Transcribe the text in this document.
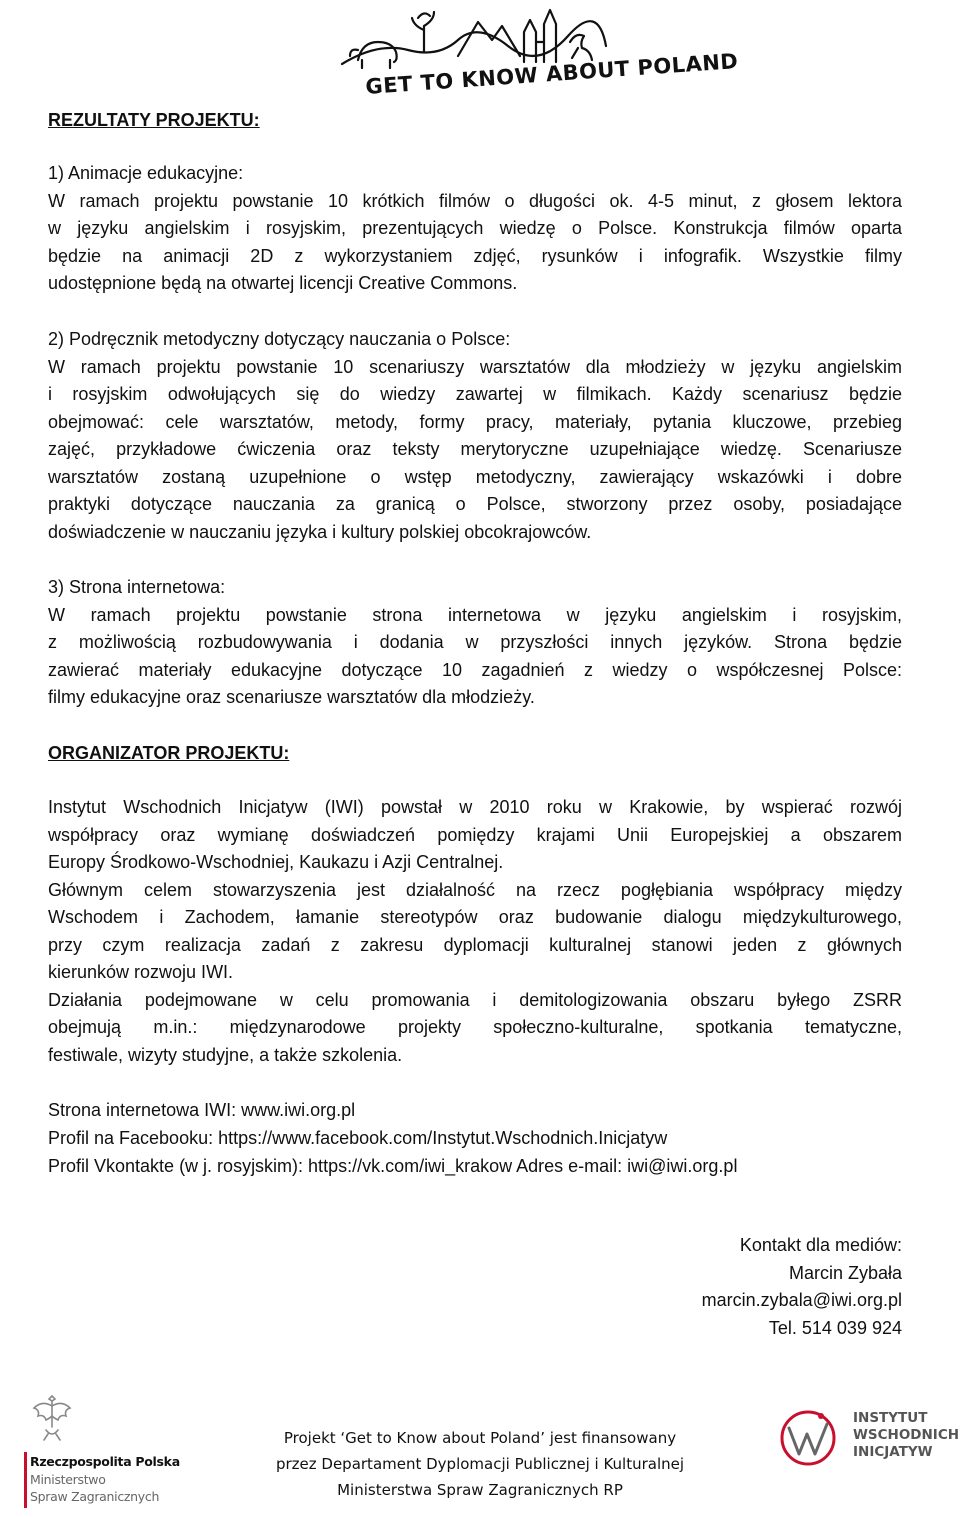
GET TO KNOW ABOUT POLAND
REZULTATY PROJEKTU:
1) Animacje edukacyjne:
W ramach projektu powstanie 10 krótkich filmów o długości ok. 4-5 minut, z głosem lektora
w języku angielskim i rosyjskim, prezentujących wiedzę o Polsce. Konstrukcja filmów oparta
będzie na animacji 2D z wykorzystaniem zdjęć, rysunków i infografik. Wszystkie filmy
udostępnione będą na otwartej licencji Creative Commons.
2) Podręcznik metodyczny dotyczący nauczania o Polsce:
W ramach projektu powstanie 10 scenariuszy warsztatów dla młodzieży w języku angielskim
i rosyjskim odwołujących się do wiedzy zawartej w filmikach. Każdy scenariusz będzie
obejmować: cele warsztatów, metody, formy pracy, materiały, pytania kluczowe, przebieg
zajęć, przykładowe ćwiczenia oraz teksty merytoryczne uzupełniające wiedzę. Scenariusze
warsztatów zostaną uzupełnione o wstęp metodyczny, zawierający wskazówki i dobre
praktyki dotyczące nauczania za granicą o Polsce, stworzony przez osoby, posiadające
doświadczenie w nauczaniu języka i kultury polskiej obcokrajowców.
3) Strona internetowa:
W ramach projektu powstanie strona internetowa w języku angielskim i rosyjskim,
z możliwością rozbudowywania i dodania w przyszłości innych języków. Strona będzie
zawierać materiały edukacyjne dotyczące 10 zagadnień z wiedzy o współczesnej Polsce:
filmy edukacyjne oraz scenariusze warsztatów dla młodzieży.
ORGANIZATOR PROJEKTU:
Instytut Wschodnich Inicjatyw (IWI) powstał w 2010 roku w Krakowie, by wspierać rozwój
współpracy oraz wymianę doświadczeń pomiędzy krajami Unii Europejskiej a obszarem
Europy Środkowo-Wschodniej, Kaukazu i Azji Centralnej.
Głównym celem stowarzyszenia jest działalność na rzecz pogłębiania współpracy między
Wschodem i Zachodem, łamanie stereotypów oraz budowanie dialogu międzykulturowego,
przy czym realizacja zadań z zakresu dyplomacji kulturalnej stanowi jeden z głównych
kierunków rozwoju IWI.
Działania podejmowane w celu promowania i demitologizowania obszaru byłego ZSRR
obejmują m.in.: międzynarodowe projekty społeczno-kulturalne, spotkania tematyczne,
festiwale, wizyty studyjne, a także szkolenia.
Strona internetowa IWI: www.iwi.org.pl
Profil na Facebooku: https://www.facebook.com/Instytut.Wschodnich.Inicjatyw
Profil Vkontakte (w j. rosyjskim): https://vk.com/iwi_krakow Adres e-mail: iwi@iwi.org.pl
Kontakt dla mediów:
Marcin Zybała
marcin.zybala@iwi.org.pl
Tel. 514 039 924
Rzeczpospolita Polska
Ministerstwo
Spraw Zagranicznych
Projekt ‘Get to Know about Poland’ jest finansowany
przez Departament Dyplomacji Publicznej i Kulturalnej
Ministerstwa Spraw Zagranicznych RP
INSTYTUT
WSCHODNICH
INICJATYW
